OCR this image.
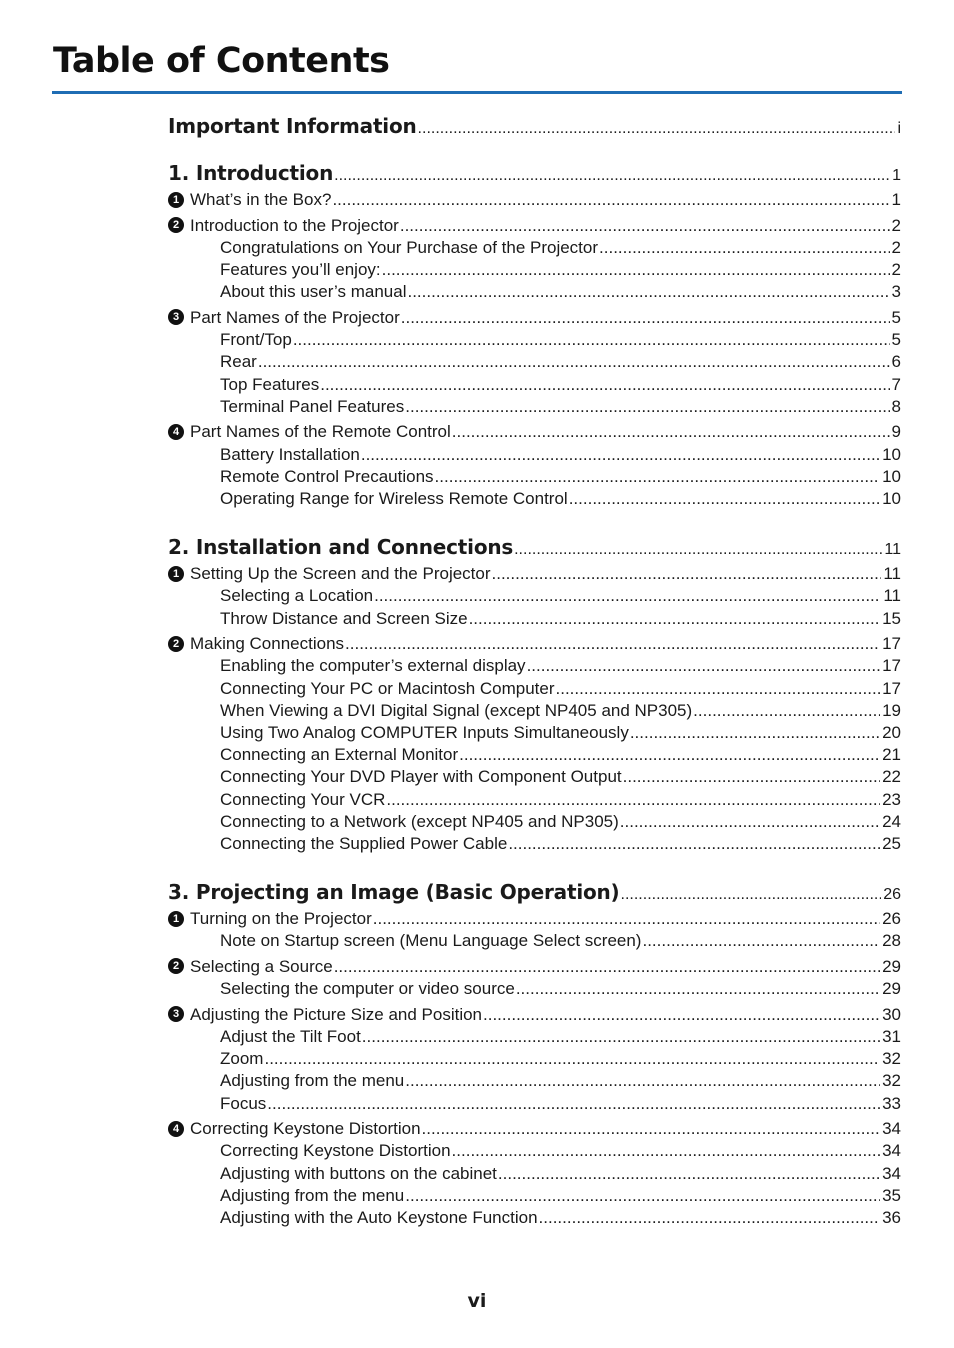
Table of Contents
Important Information .....	i
1. Introduction .....	1
1 What’s in the Box? .....	1
2 Introduction to the Projector .....	2
Congratulations on Your Purchase of the Projector .....	2
Features you’ll enjoy: .....	2
About this user’s manual .....	3
3 Part Names of the Projector .....	5
Front/Top .....	5
Rear .....	6
Top Features .....	7
Terminal Panel Features .....	8
4 Part Names of the Remote Control .....	9
Battery Installation .....	10
Remote Control Precautions .....	10
Operating Range for Wireless Remote Control .....	10
2. Installation and Connections .....	11
1 Setting Up the Screen and the Projector .....	11
Selecting a Location .....	11
Throw Distance and Screen Size .....	15
2 Making Connections .....	17
Enabling the computer’s external display .....	17
Connecting Your PC or Macintosh Computer .....	17
When Viewing a DVI Digital Signal (except NP405 and NP305) .....	19
Using Two Analog COMPUTER Inputs Simultaneously .....	20
Connecting an External Monitor .....	21
Connecting Your DVD Player with Component Output .....	22
Connecting Your VCR .....	23
Connecting to a Network (except NP405 and NP305) .....	24
Connecting the Supplied Power Cable .....	25
3. Projecting an Image (Basic Operation) .....	26
1 Turning on the Projector .....	26
Note on Startup screen (Menu Language Select screen) .....	28
2 Selecting a Source .....	29
Selecting the computer or video source .....	29
3 Adjusting the Picture Size and Position .....	30
Adjust the Tilt Foot .....	31
Zoom .....	32
Adjusting from the menu .....	32
Focus .....	33
4 Correcting Keystone Distortion .....	34
Correcting Keystone Distortion .....	34
Adjusting with buttons on the cabinet .....	34
Adjusting from the menu .....	35
Adjusting with the Auto Keystone Function .....	36

vi
